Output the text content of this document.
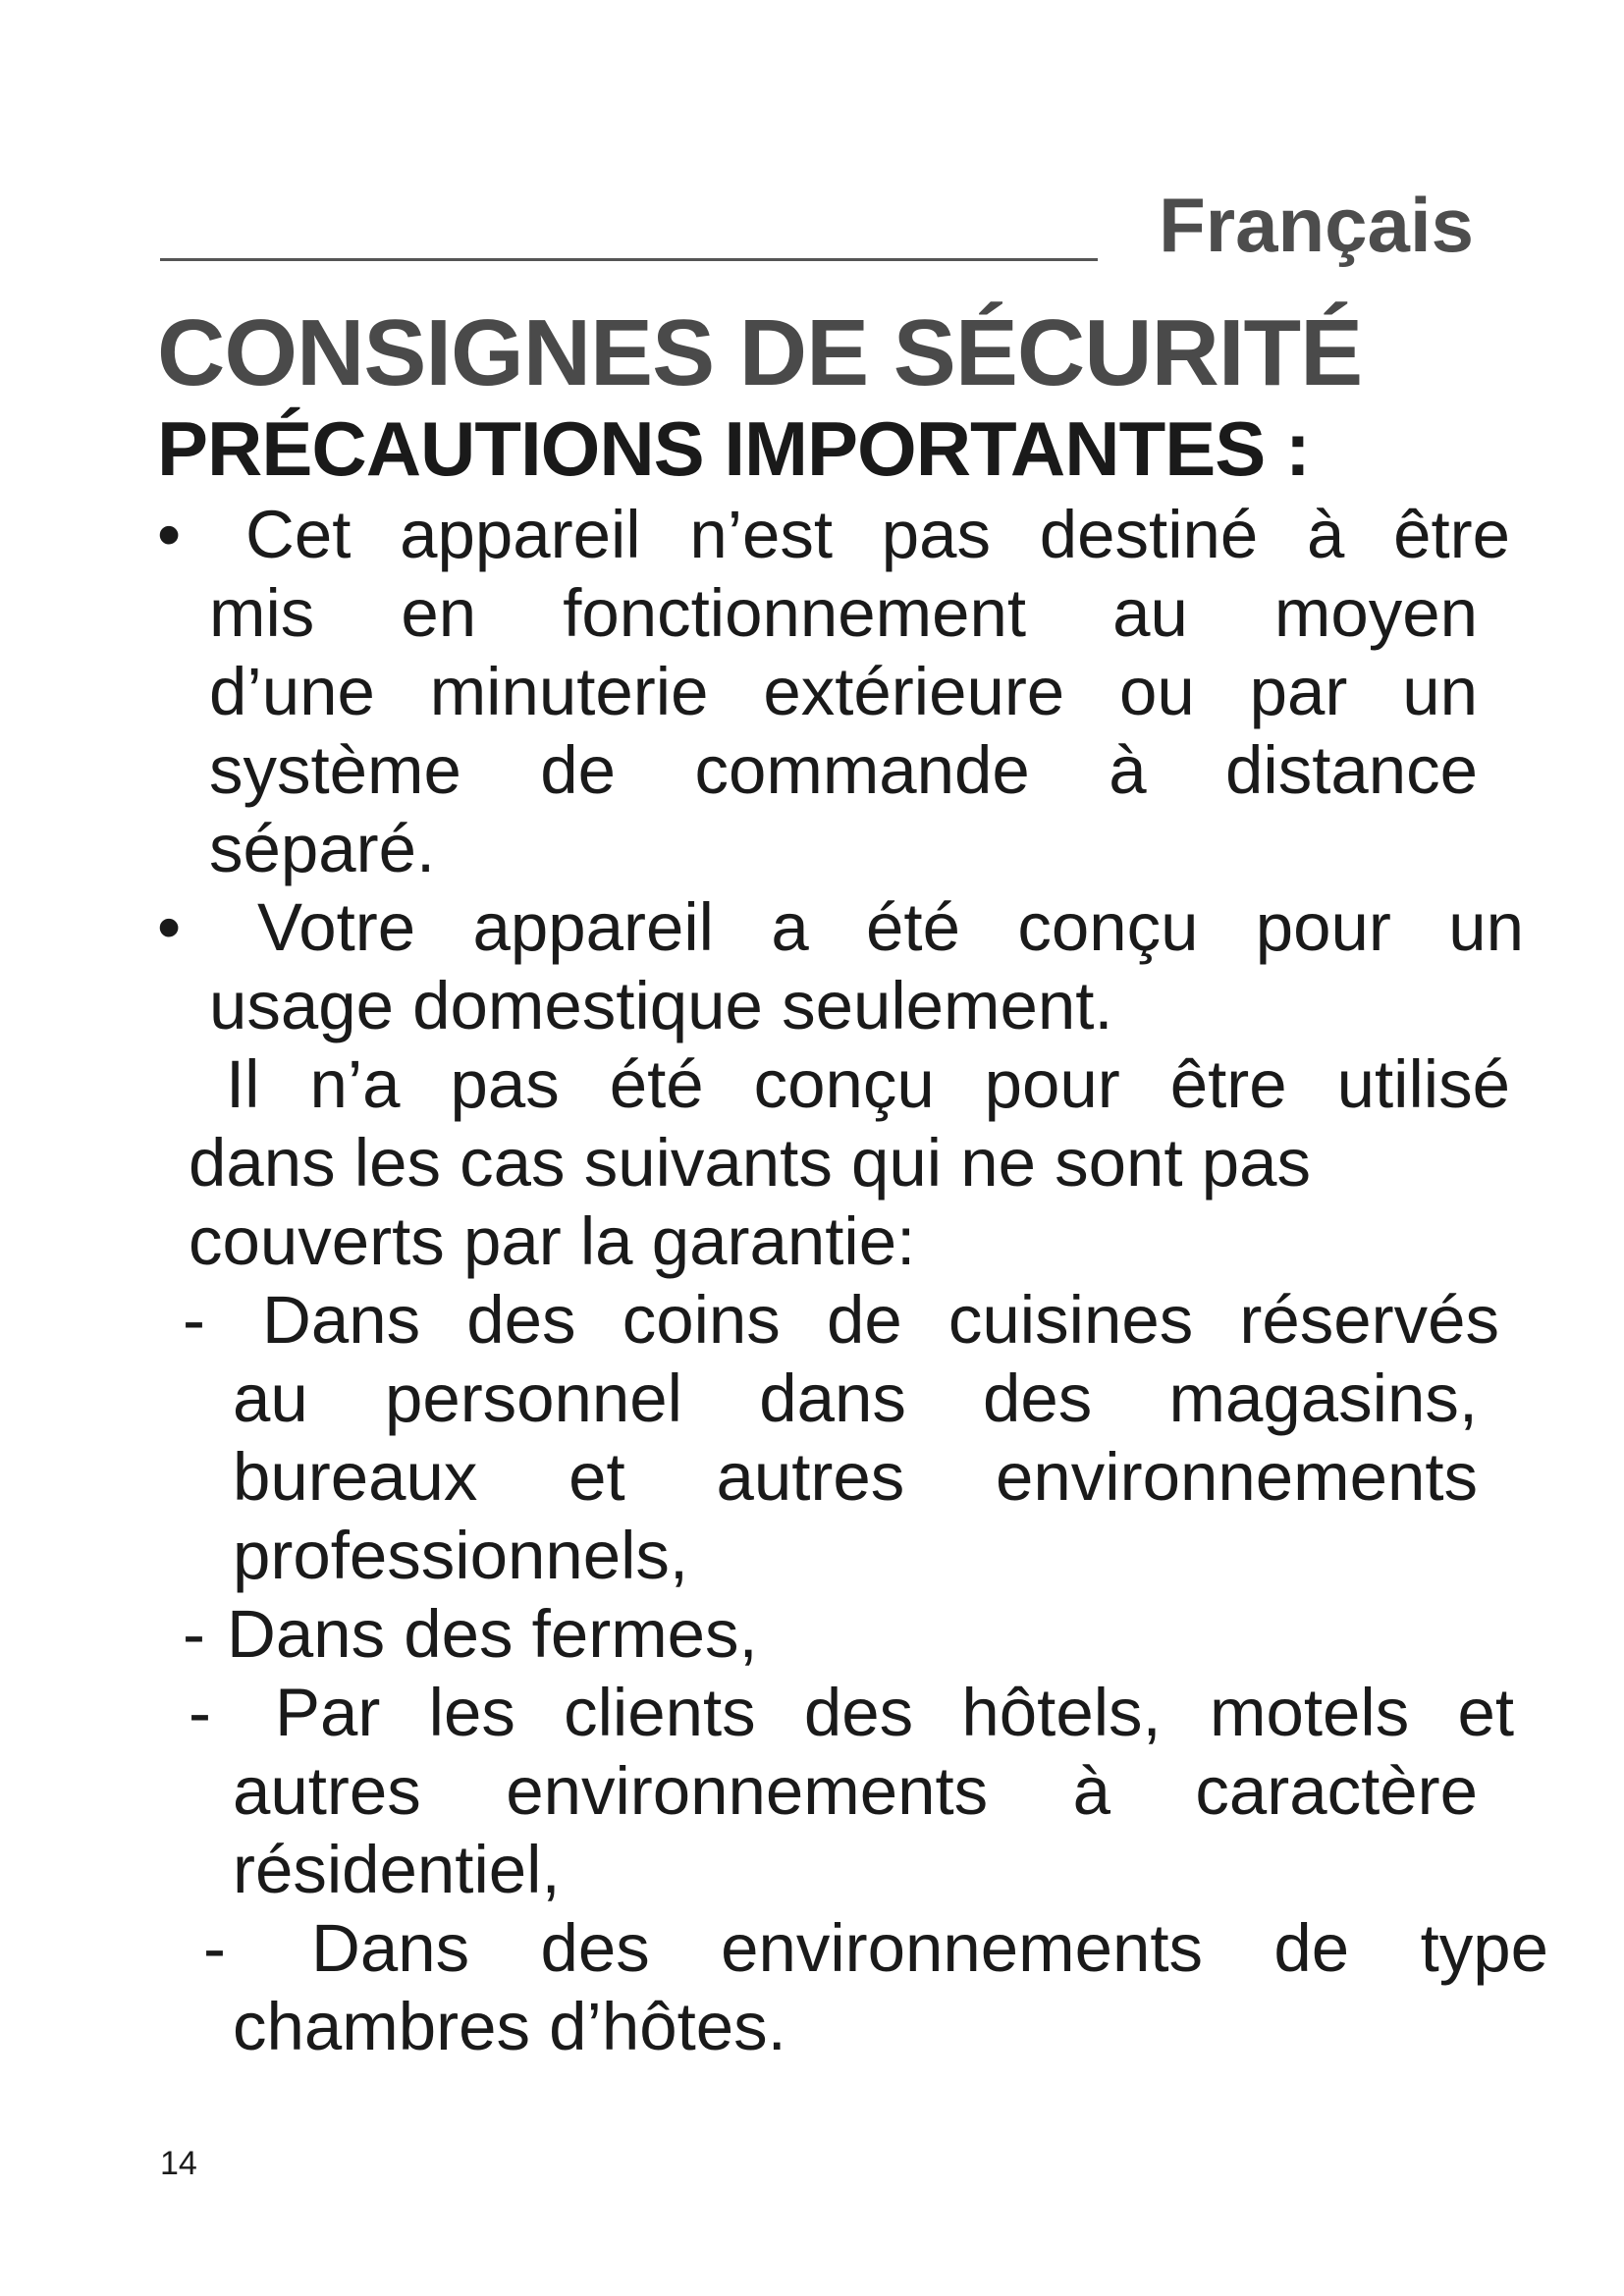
Français
CONSIGNES DE SÉCURITÉ
PRÉCAUTIONS IMPORTANTES :
• Cet appareil n’est pas destiné à être
mis en fonctionnement au moyen
d’une minuterie extérieure ou par un
système de commande à distance
séparé.
• Votre appareil a été conçu pour un
usage domestique seulement.
Il n’a pas été conçu pour être utilisé
dans les cas suivants qui ne sont pas
couverts par la garantie:
- Dans des coins de cuisines réservés
au personnel dans des magasins,
bureaux et autres environnements
professionnels,
- Dans des fermes,
- Par les clients des hôtels, motels et
autres environnements à caractère
résidentiel,
- Dans des environnements de type
chambres d’hôtes.
14
